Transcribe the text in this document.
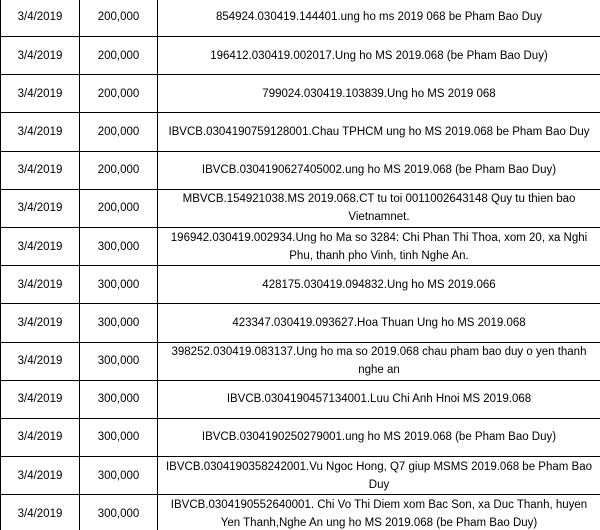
3/4/2019	200,000	854924.030419.144401.ung ho ms 2019 068 be Pham Bao Duy
3/4/2019	200,000	196412.030419.002017.Ung ho MS 2019.068 (be Pham Bao Duy)
3/4/2019	200,000	799024.030419.103839.Ung ho MS 2019 068
3/4/2019	200,000	IBVCB.0304190759128001.Chau TPHCM ung ho MS 2019.068 be Pham Bao Duy
3/4/2019	200,000	IBVCB.0304190627405002.ung ho MS 2019.068 (be Pham Bao Duy)
3/4/2019	200,000	MBVCB.154921038.MS 2019.068.CT tu toi 0011002643148 Quy tu thien bao Vietnamnet.
3/4/2019	300,000	196942.030419.002934.Ung ho Ma so 3284: Chi Phan Thi Thoa, xom 20, xa Nghi Phu, thanh pho Vinh, tinh Nghe An.
3/4/2019	300,000	428175.030419.094832.Ung ho MS 2019.066
3/4/2019	300,000	423347.030419.093627.Hoa Thuan Ung ho MS 2019.068
3/4/2019	300,000	398252.030419.083137.Ung ho ma so 2019.068 chau pham bao duy o yen thanh nghe an
3/4/2019	300,000	IBVCB.0304190457134001.Luu Chi Anh Hnoi MS 2019.068
3/4/2019	300,000	IBVCB.0304190250279001.ung ho MS 2019.068 (be Pham Bao Duy)
3/4/2019	300,000	IBVCB.0304190358242001.Vu Ngoc Hong, Q7 giup MSMS 2019.068 be Pham Bao Duy
3/4/2019	300,000	IBVCB.0304190552640001. Chi Vo Thi Diem xom Bac Son, xa Duc Thanh, huyen Yen Thanh,Nghe An ung ho MS 2019.068 (be Pham Bao Duy)
